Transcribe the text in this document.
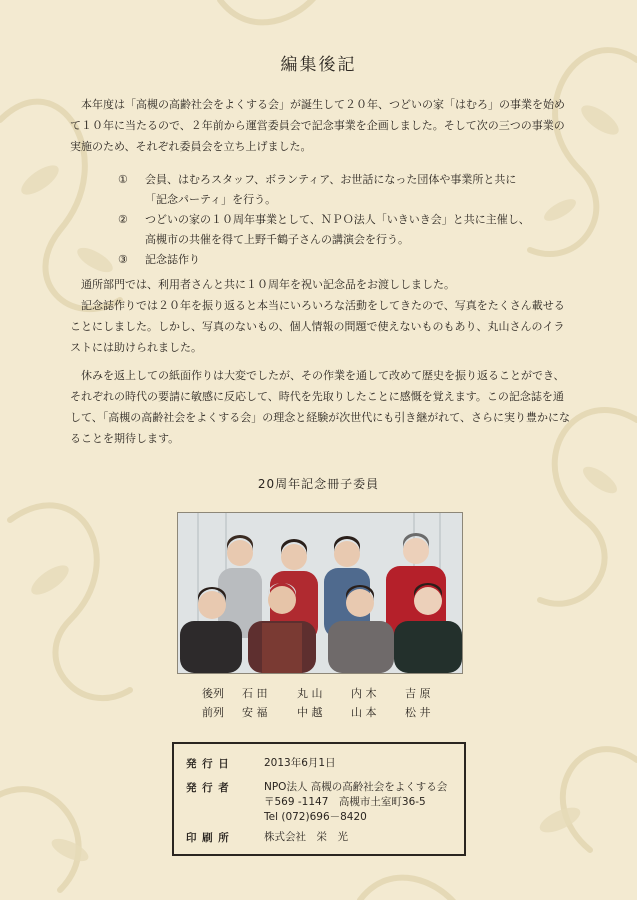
編集後記

本年度は「高槻の高齢社会をよくする会」が誕生して２０年、つどいの家「はむろ」の事業を始めて１０年に当たるので、２年前から運営委員会で記念事業を企画しました。そして次の三つの事業の実施のため、それぞれ委員会を立ち上げました。

① 会員、はむろスタッフ、ボランティア、お世話になった団体や事業所と共に
「記念パーティ」を行う。
② つどいの家の１０周年事業として、ＮＰＯ法人「いきいき会」と共に主催し、
高槻市の共催を得て上野千鶴子さんの講演会を行う。
③ 記念誌作り

通所部門では、利用者さんと共に１０周年を祝い記念品をお渡ししました。

記念誌作りでは２０年を振り返ると本当にいろいろな活動をしてきたので、写真をたくさん載せることにしました。しかし、写真のないもの、個人情報の問題で使えないものもあり、丸山さんのイラストには助けられました。

休みを返上しての紙面作りは大変でしたが、その作業を通して改めて歴史を振り返ることができ、それぞれの時代の要請に敏感に反応して、時代を先取りしたことに感慨を覚えます。この記念誌を通して、「高槻の高齢社会をよくする会」の理念と経験が次世代にも引き継がれて、さらに実り豊かになることを期待します。

20周年記念冊子委員
後列	石 田	丸 山	内 木	吉 原
前列	安 福	中 越	山 本	松 井
発 行 日	2013年6月1日
発 行 者	NPO法人 高槻の高齢社会をよくする会
〒569 -1147　高槻市土室町36-5
Tel (072)696－8420
印 刷 所	株式会社　栄　光
